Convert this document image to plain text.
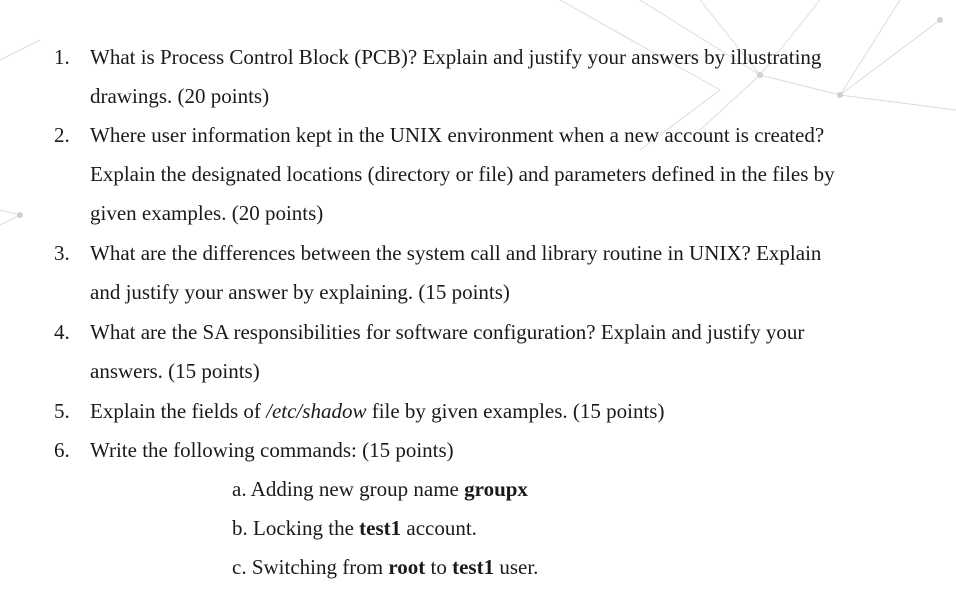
1. What is Process Control Block (PCB)? Explain and justify your answers by illustrating
drawings. (20 points)
2. Where user information kept in the UNIX environment when a new account is created?
Explain the designated locations (directory or file) and parameters defined in the files by
given examples. (20 points)
3. What are the differences between the system call and library routine in UNIX? Explain
and justify your answer by explaining. (15 points)
4. What are the SA responsibilities for software configuration? Explain and justify your
answers. (15 points)
5. Explain the fields of /etc/shadow file by given examples. (15 points)
6. Write the following commands: (15 points)
a. Adding new group name groupx
b. Locking the test1 account.
c. Switching from root to test1 user.
